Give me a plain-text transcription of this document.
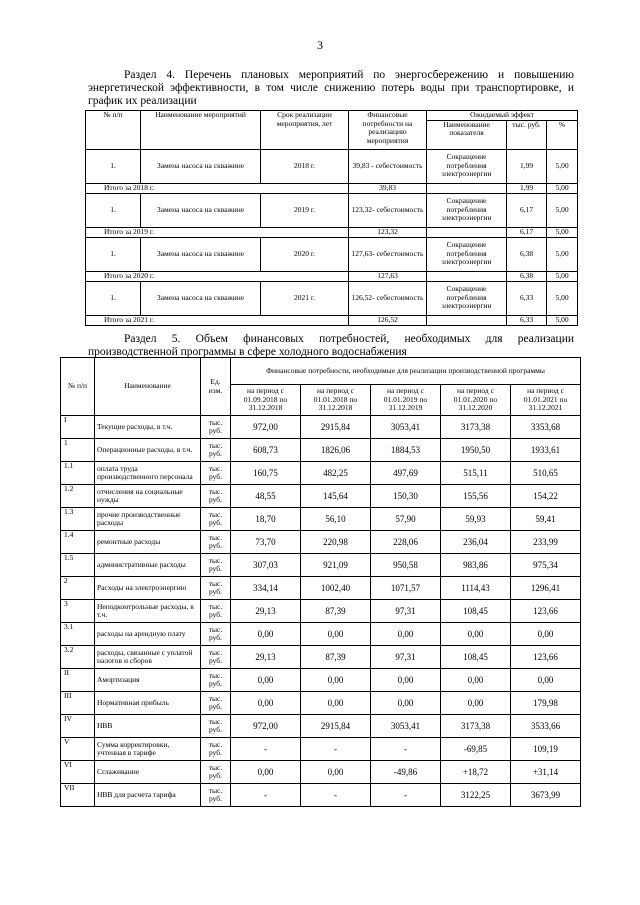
3
Раздел 4. Перечень плановых мероприятий по энергосбережению и повышению энергетической эффективности, в том числе снижению потерь воды при транспортировке, и график их реализации
№ п/п	Наименование мероприятий	Срок реализации мероприятия, лет	Финансовые потребности на реализацию мероприятия	Ожидаемый эффект		
				Наименование показателя	тыс. руб.	%
1.	Замена насоса на скважине	2018 г.	39,83 - себестоимость	Сокращение потребления электроэнергии	1,99	5,00
Итого за 2018 г.			39,83		1,99	5,00
1.	Замена насоса на скважине	2019 г.	123,32- себестоимость	Сокращение потребления электроэнергии	6,17	5,00
Итого за 2019 г.			123,32		6,17	5,00
1.	Замена насоса на скважине	2020 г.	127,63- себестоимость	Сокращение потребления электроэнергии	6,38	5,00
Итого за 2020 г.			127,63		6,38	5,00
1.	Замена насоса на скважине	2021 г.	126,52- себестоимость	Сокращение потребления электроэнергии	6,33	5,00
Итого за 2021 г.			126,52		6,33	5,00
Раздел 5. Объем финансовых потребностей, необходимых для реализации производственной программы в сфере холодного водоснабжения
№ п/п	Наименование	Ед. изм.	Финансовые потребности, необходимые для реализации производственной программы				
			на период с 01.09.2018 по 31.12.2018	на период с 01.01.2018 по 31.12.2018	на период с 01.01.2019 по 31.12.2019	на период с 01.01.2020 по 31.12.2020	на период с 01.01.2021 по 31.12.2021
I	Текущие расходы, в т.ч.	тыс. руб.	972,00	2915,84	3053,41	3173,38	3353,68
1	Операционные расходы, в т.ч.	тыс. руб.	608,73	1826,06	1884,53	1950,50	1933,61
1.1	оплата труда производственного персонала	тыс. руб.	160,75	482,25	497,69	515,11	510,65
1.2	отчисления на социальные нужды	тыс. руб.	48,55	145,64	150,30	155,56	154,22
1.3	прочие производственные расходы	тыс. руб.	18,70	56,10	57,90	59,93	59,41
1.4	ремонтные расходы	тыс. руб.	73,70	220,98	228,06	236,04	233,99
1.5	административные расходы	тыс. руб.	307,03	921,09	950,58	983,86	975,34
2	Расходы на электроэнергию	тыс. руб.	334,14	1002,40	1071,57	1114,43	1296,41
3	Неподконтрольные расходы, в т.ч.	тыс. руб.	29,13	87,39	97,31	108,45	123,66
3.1	расходы на арендную плату	тыс. руб.	0,00	0,00	0,00	0,00	0,00
3.2	расходы, связанные с уплатой налогов и сборов	тыс. руб.	29,13	87,39	97,31	108,45	123,66
II	Амортизация	тыс. руб.	0,00	0,00	0,00	0,00	0,00
III	Нормативная прибыль	тыс. руб.	0,00	0,00	0,00	0,00	179,98
IV	НВВ	тыс. руб.	972,00	2915,84	3053,41	3173,38	3533,66
V	Сумма корректировки, учтенная в тарифе	тыс. руб.	-	-	-	-69,85	109,19
VI	Сглаживание	тыс. руб.	0,00	0,00	-49,86	+18,72	+31,14
VII	НВВ для расчета тарифа	тыс. руб.	-	-	-	3122,25	3673,99
